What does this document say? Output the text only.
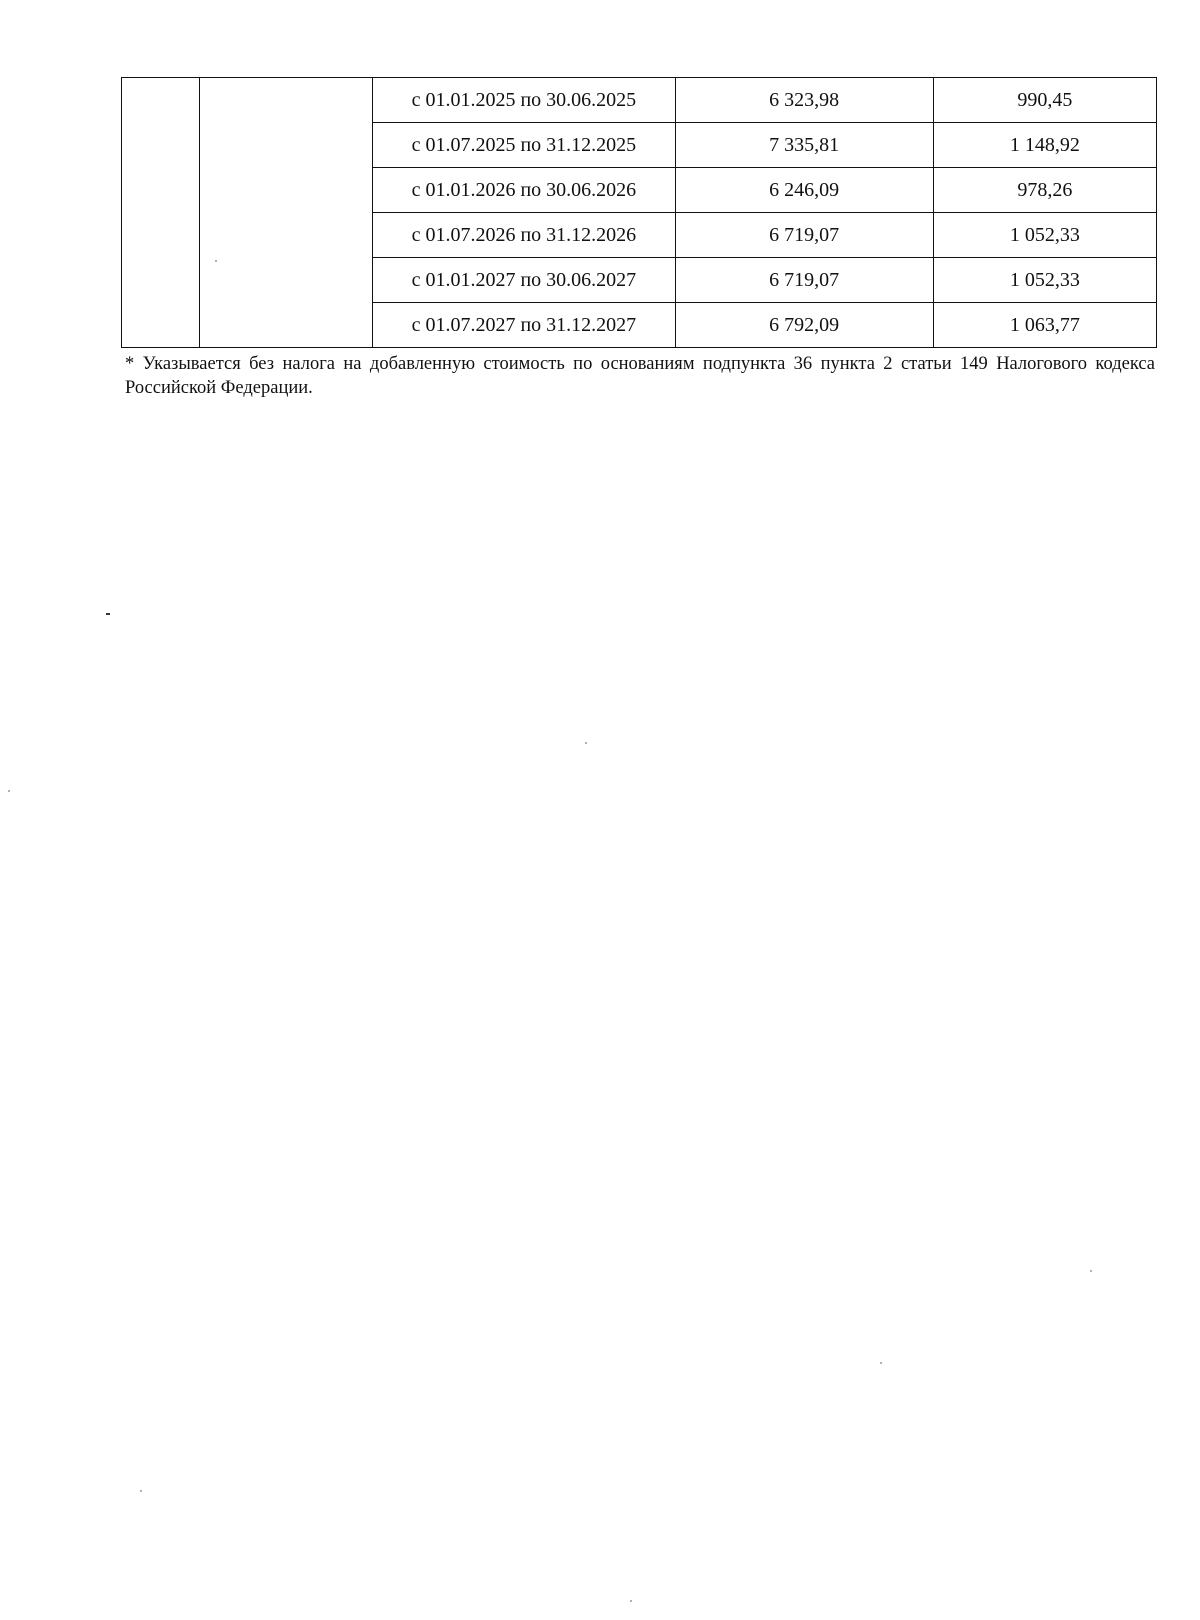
		с 01.01.2025 по 30.06.2025	6 323,98	990,45
		с 01.07.2025 по 31.12.2025	7 335,81	1 148,92
		с 01.01.2026 по 30.06.2026	6 246,09	978,26
		с 01.07.2026 по 31.12.2026	6 719,07	1 052,33
		с 01.01.2027 по 30.06.2027	6 719,07	1 052,33
		с 01.07.2027 по 31.12.2027	6 792,09	1 063,77
* Указывается без налога на добавленную стоимость по основаниям подпункта 36 пункта 2 статьи 149 Налогового кодекса Российской Федерации.
